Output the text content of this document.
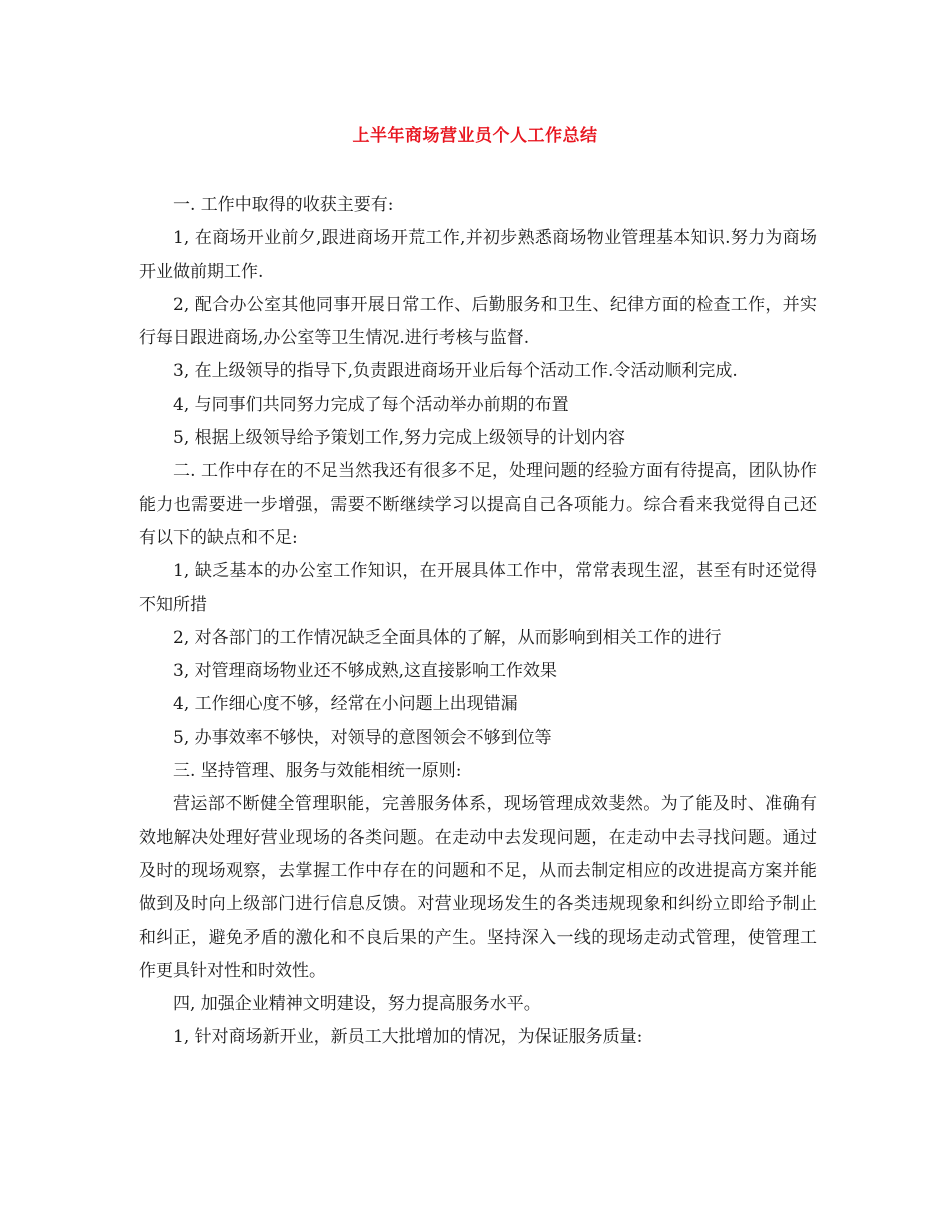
上半年商场营业员个人工作总结

一. 工作中取得的收获主要有:

1, 在商场开业前夕,跟进商场开荒工作,并初步熟悉商场物业管理基本知识.努力为商场开业做前期工作.

2, 配合办公室其他同事开展日常工作、后勤服务和卫生、纪律方面的检查工作，并实行每日跟进商场,办公室等卫生情况.进行考核与监督.

3, 在上级领导的指导下,负责跟进商场开业后每个活动工作.令活动顺利完成.

4, 与同事们共同努力完成了每个活动举办前期的布置

5, 根据上级领导给予策划工作,努力完成上级领导的计划内容

二. 工作中存在的不足当然我还有很多不足，处理问题的经验方面有待提高，团队协作能力也需要进一步增强，需要不断继续学习以提高自己各项能力。综合看来我觉得自己还有以下的缺点和不足:

1, 缺乏基本的办公室工作知识，在开展具体工作中，常常表现生涩，甚至有时还觉得不知所措

2, 对各部门的工作情况缺乏全面具体的了解，从而影响到相关工作的进行

3, 对管理商场物业还不够成熟,这直接影响工作效果

4, 工作细心度不够，经常在小问题上出现错漏

5, 办事效率不够快，对领导的意图领会不够到位等

三. 坚持管理、服务与效能相统一原则:

营运部不断健全管理职能，完善服务体系，现场管理成效斐然。为了能及时、准确有效地解决处理好营业现场的各类问题。在走动中去发现问题，在走动中去寻找问题。通过及时的现场观察，去掌握工作中存在的问题和不足，从而去制定相应的改进提高方案并能做到及时向上级部门进行信息反馈。对营业现场发生的各类违规现象和纠纷立即给予制止和纠正，避免矛盾的激化和不良后果的产生。坚持深入一线的现场走动式管理，使管理工作更具针对性和时效性。

四, 加强企业精神文明建设，努力提高服务水平。

1, 针对商场新开业，新员工大批增加的情况，为保证服务质量:
